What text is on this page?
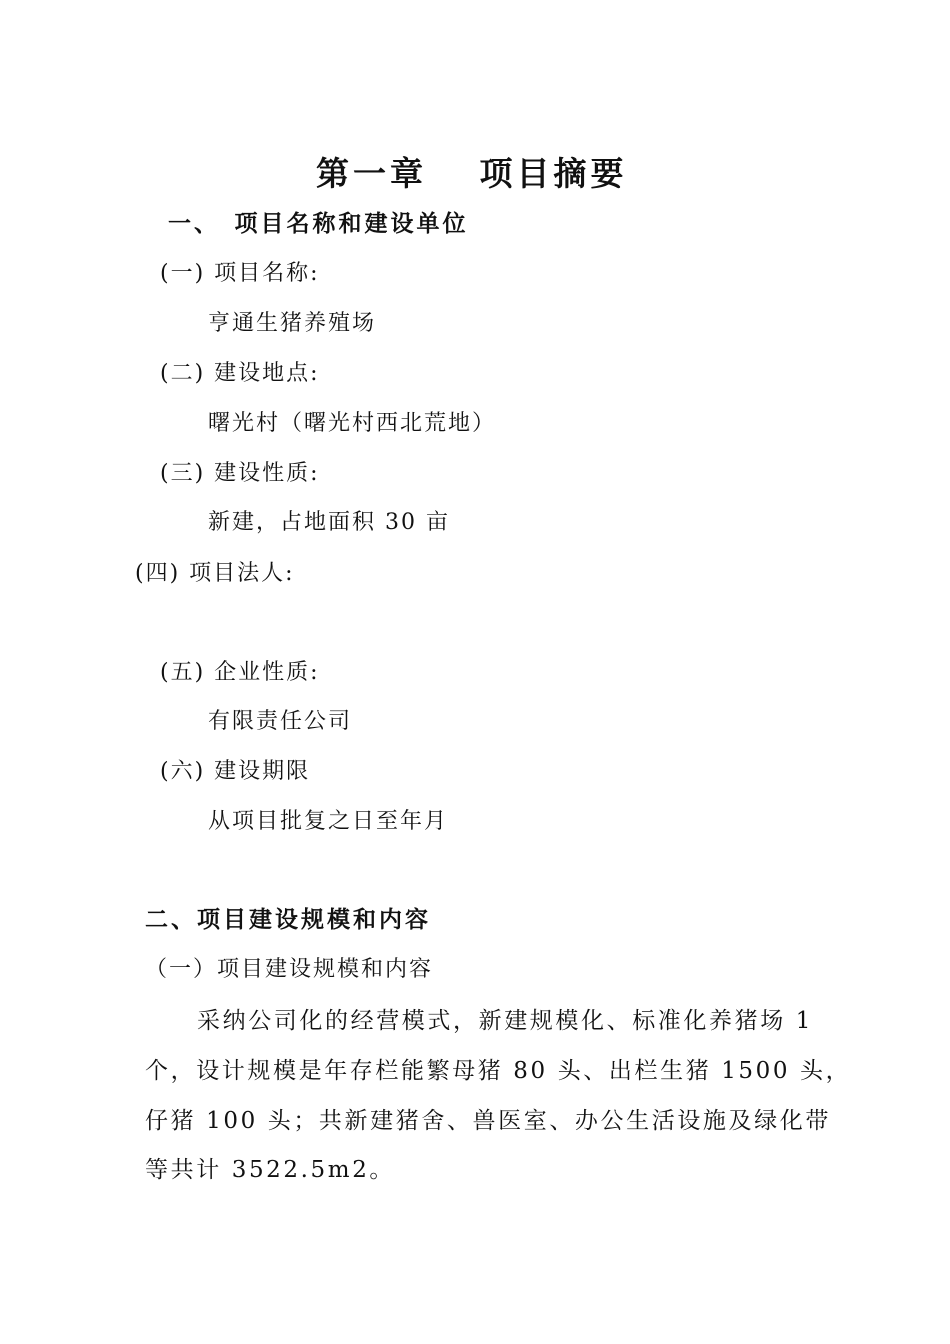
第一章　 项目摘要
一、　项目名称和建设单位
(一) 项目名称:
亨通生猪养殖场
(二) 建设地点:
曙光村（曙光村西北荒地）
(三) 建设性质:
新建，占地面积 30 亩
(四) 项目法人:
(五) 企业性质:
有限责任公司
(六) 建设期限
从项目批复之日至年月
二、项目建设规模和内容
（一）项目建设规模和内容
采纳公司化的经营模式，新建规模化、标准化养猪场 1
个，设计规模是年存栏能繁母猪 80 头、出栏生猪 1500 头，
仔猪 100 头；共新建猪舍、兽医室、办公生活设施及绿化带
等共计 3522.5m2。
